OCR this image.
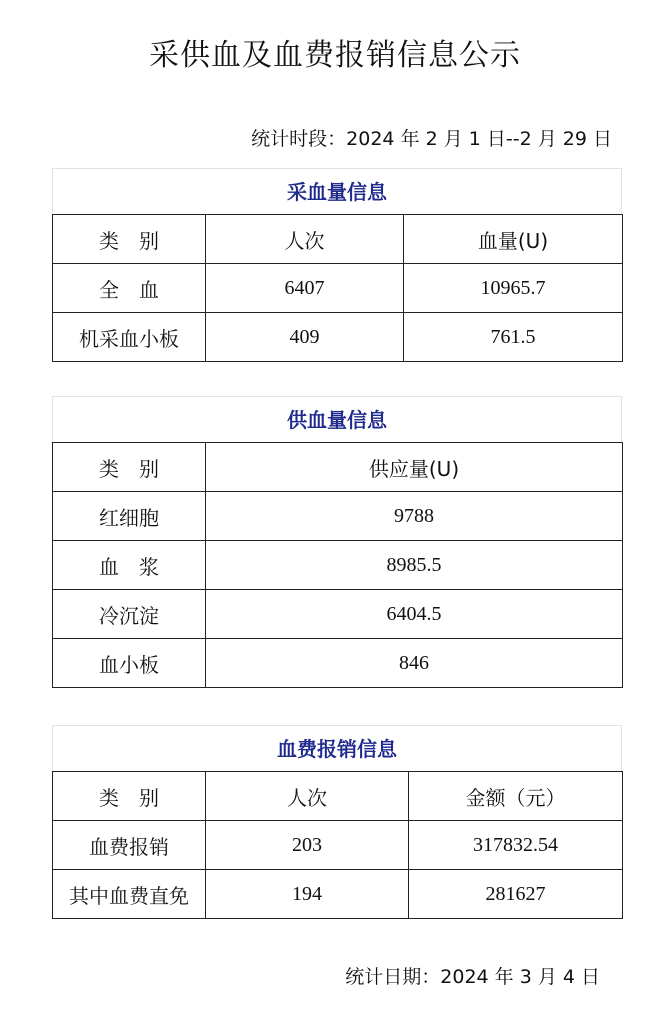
采供血及血费报销信息公示
统计时段：2024 年 2 月 1 日--2 月 29 日
采血量信息
类　别	人次	血量(U)
全　血	6407	10965.7
机采血小板	409	761.5
供血量信息
类　别	供应量(U)
红细胞	9788
血　浆	8985.5
冷沉淀	6404.5
血小板	846
血费报销信息
类　别	人次	金额（元）
血费报销	203	317832.54
其中血费直免	194	281627
统计日期：2024 年 3 月 4 日
